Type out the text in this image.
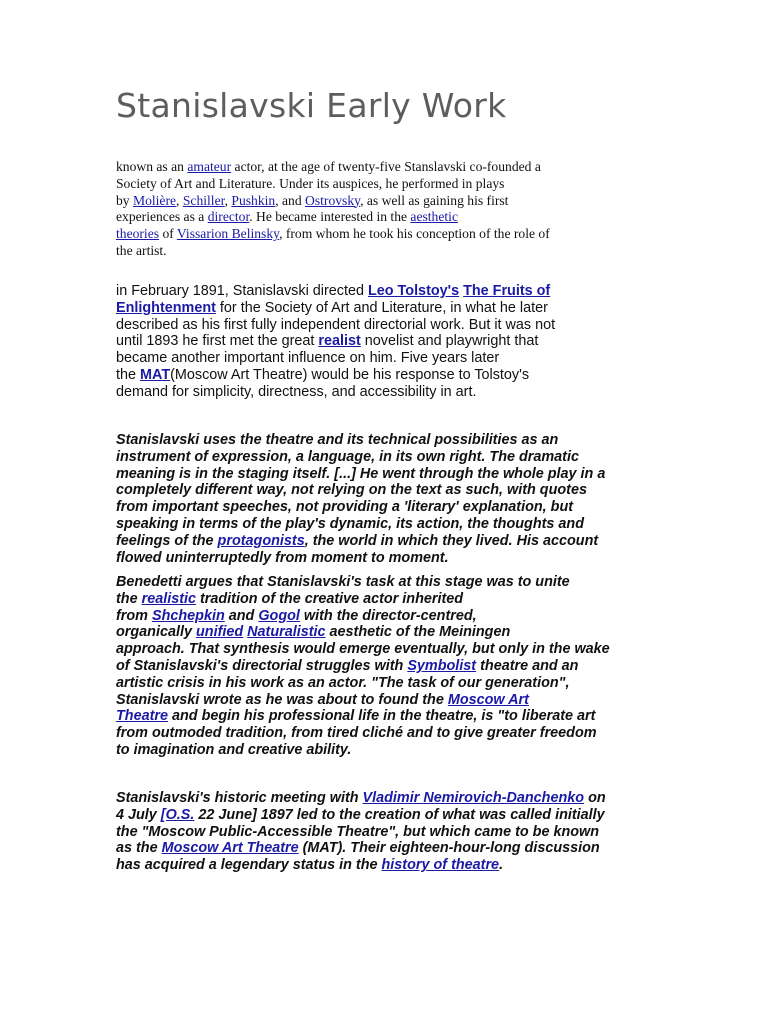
Stanislavski Early Work

known as an amateur actor, at the age of twenty-five Stanslavski co-founded a
Society of Art and Literature. Under its auspices, he performed in plays
by Molière, Schiller, Pushkin, and Ostrovsky, as well as gaining his first
experiences as a director. He became interested in the aesthetic
theories of Vissarion Belinsky, from whom he took his conception of the role of
the artist.

in February 1891, Stanislavski directed Leo Tolstoy's The Fruits of
Enlightenment for the Society of Art and Literature, in what he later
described as his first fully independent directorial work. But it was not
until 1893 he first met the great realist novelist and playwright that
became another important influence on him. Five years later
the MAT(Moscow Art Theatre) would be his response to Tolstoy's
demand for simplicity, directness, and accessibility in art.

Stanislavski uses the theatre and its technical possibilities as an
instrument of expression, a language, in its own right. The dramatic
meaning is in the staging itself. [...] He went through the whole play in a
completely different way, not relying on the text as such, with quotes
from important speeches, not providing a 'literary' explanation, but
speaking in terms of the play's dynamic, its action, the thoughts and
feelings of the protagonists, the world in which they lived. His account
flowed uninterruptedly from moment to moment.

Benedetti argues that Stanislavski's task at this stage was to unite
the realistic tradition of the creative actor inherited
from Shchepkin and Gogol with the director-centred,
organically unified Naturalistic aesthetic of the Meiningen
approach. That synthesis would emerge eventually, but only in the wake
of Stanislavski's directorial struggles with Symbolist theatre and an
artistic crisis in his work as an actor. "The task of our generation",
Stanislavski wrote as he was about to found the Moscow Art
Theatre and begin his professional life in the theatre, is "to liberate art
from outmoded tradition, from tired cliché and to give greater freedom
to imagination and creative ability.

Stanislavski's historic meeting with Vladimir Nemirovich-Danchenko on
4 July [O.S. 22 June] 1897 led to the creation of what was called initially
the "Moscow Public-Accessible Theatre", but which came to be known
as the Moscow Art Theatre (MAT). Their eighteen-hour-long discussion
has acquired a legendary status in the history of theatre.
